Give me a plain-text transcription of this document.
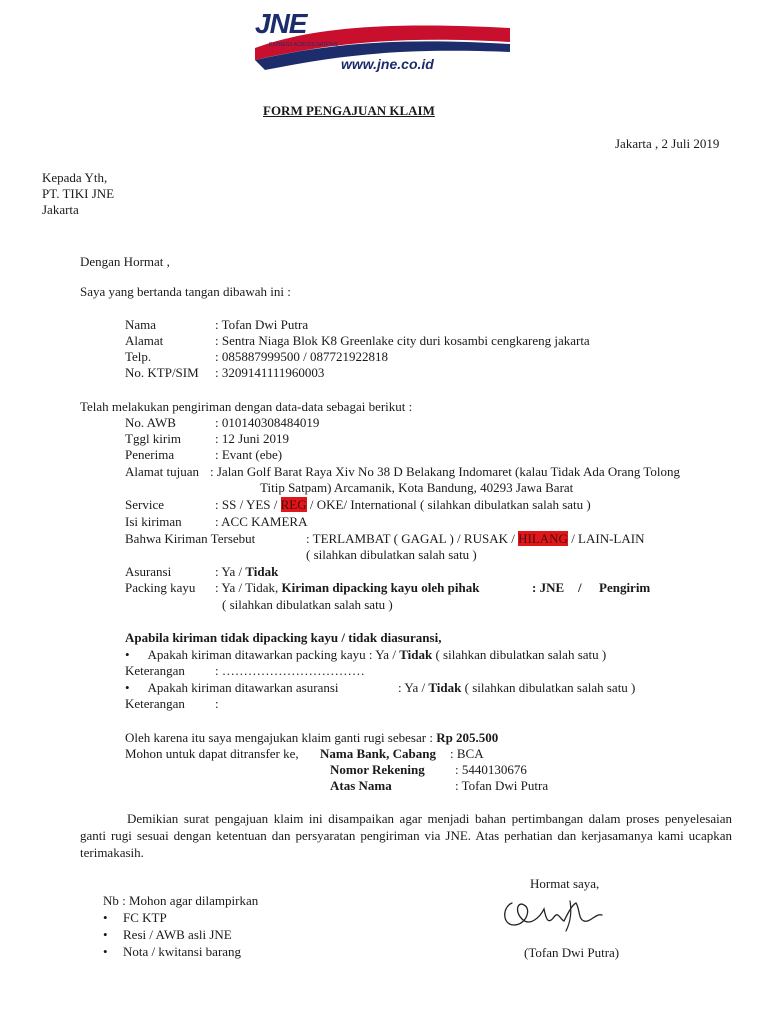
JNE
EXPRESS ACROSS NATIONS
www.jne.co.id
FORM PENGAJUAN KLAIM
Jakarta , 2 Juli 2019
Kepada Yth,
PT. TIKI JNE
Jakarta
Dengan Hormat ,
Saya yang bertanda tangan dibawah ini :
Nama	: Tofan Dwi Putra
Alamat	: Sentra Niaga Blok K8 Greenlake city duri kosambi cengkareng jakarta
Telp.	: 085887999500 / 087721922818
No. KTP/SIM : 3209141111960003
Telah melakukan pengiriman dengan data-data sebagai berikut :
No. AWB	: 010140308484019
Tggl kirim	: 12 Juni 2019
Penerima	: Evant (ebe)
Alamat tujuan : Jalan Golf Barat Raya Xiv No 38 D Belakang Indomaret (kalau Tidak Ada Orang Tolong
Titip Satpam) Arcamanik, Kota Bandung, 40293 Jawa Barat
Service	: SS / YES / REG / OKE/ International ( silahkan dibulatkan salah satu )
Isi kiriman	: ACC KAMERA
Bahwa Kiriman Tersebut	: TERLAMBAT ( GAGAL ) / RUSAK / HILANG / LAIN-LAIN
( silahkan dibulatkan salah satu )
Asuransi	: Ya / Tidak
Packing kayu : Ya / Tidak, Kiriman dipacking kayu oleh pihak	: JNE / Pengirim
( silahkan dibulatkan salah satu )
Apabila kiriman tidak dipacking kayu / tidak diasuransi,
• Apakah kiriman ditawarkan packing kayu : Ya / Tidak ( silahkan dibulatkan salah satu )
Keterangan : ……………………………
• Apakah kiriman ditawarkan asuransi	: Ya / Tidak ( silahkan dibulatkan salah satu )
Keterangan :
Oleh karena itu saya mengajukan klaim ganti rugi sebesar : Rp 205.500
Mohon untuk dapat ditransfer ke, Nama Bank, Cabang : BCA
Nomor Rekening : 5440130676
Atas Nama	: Tofan Dwi Putra
Demikian surat pengajuan klaim ini disampaikan agar menjadi bahan pertimbangan dalam proses penyelesaian ganti rugi sesuai dengan ketentuan dan persyaratan pengiriman via JNE. Atas perhatian dan kerjasamanya kami ucapkan terimakasih.
Nb : Mohon agar dilampirkan
• FC KTP
• Resi / AWB asli JNE
• Nota / kwitansi barang
Hormat saya,
(Tofan Dwi Putra)
